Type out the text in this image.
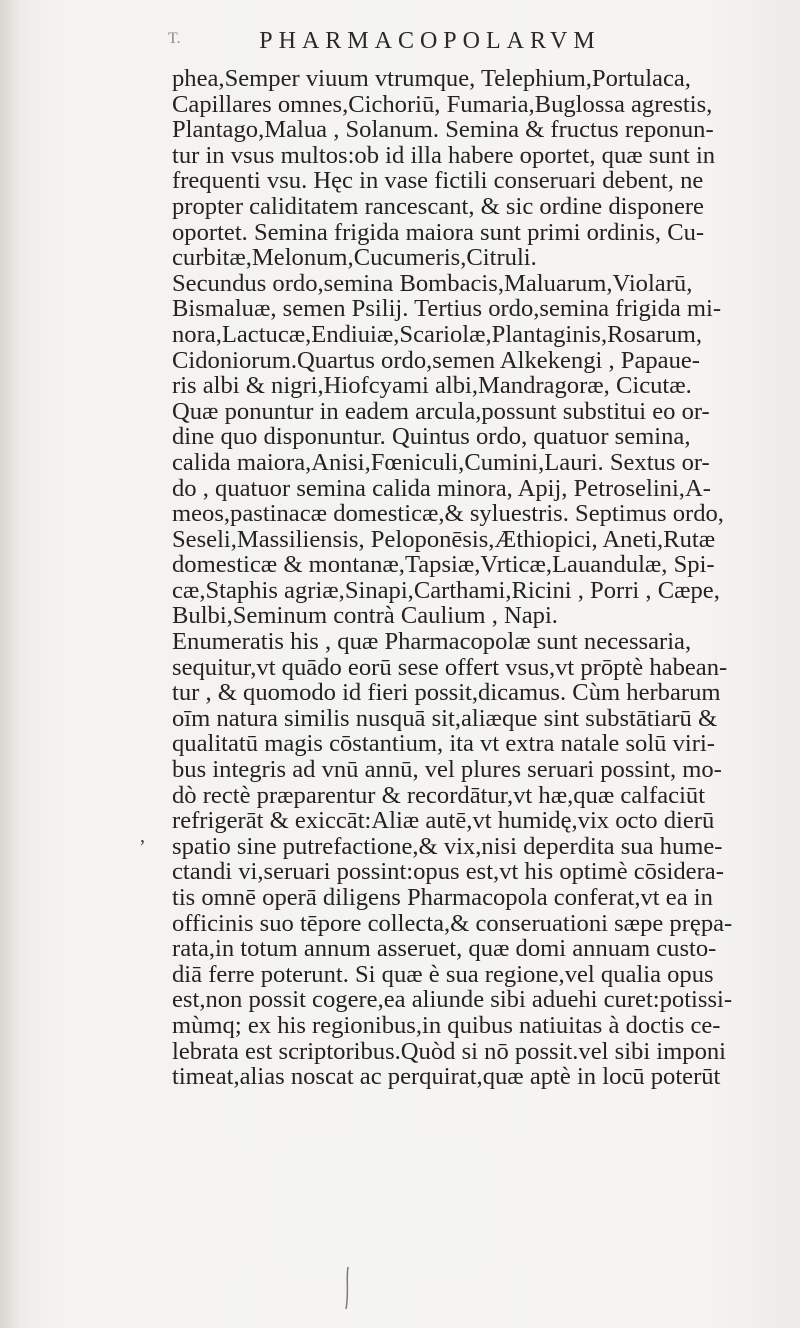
T.	PHARMACOPOLARVM
,
phea,Semper viuum vtrumque, Telephium,Portulaca,
Capillares omnes,Cichoriū, Fumaria,Buglossa agrestis,
Plantago,Malua , Solanum. Semina & fructus reponun-
tur in vsus multos:ob id illa habere oportet, quæ sunt in
frequenti vsu. Hęc in vase fictili conseruari debent, ne
propter caliditatem rancescant, & sic ordine disponere
oportet. Semina frigida maiora sunt primi ordinis, Cu-
curbitæ,Melonum,Cucumeris,Citruli.
Secundus ordo,semina Bombacis,Maluarum,Violarū,
Bismaluæ, semen Psilij. Tertius ordo,semina frigida mi-
nora,Lactucæ,Endiuiæ,Scariolæ,Plantaginis,Rosarum,
Cidoniorum.Quartus ordo,semen Alkekengi , Papaue-
ris albi & nigri,Hiofcyami albi,Mandragoræ, Cicutæ.
Quæ ponuntur in eadem arcula,possunt substitui eo or-
dine quo disponuntur. Quintus ordo, quatuor semina,
calida maiora,Anisi,Fœniculi,Cumini,Lauri. Sextus or-
do , quatuor semina calida minora, Apij, Petroselini,A-
meos,pastinacæ domesticæ,& syluestris. Septimus ordo,
Seseli,Massiliensis, Peloponēsis,Æthiopici, Aneti,Rutæ
domesticæ & montanæ,Tapsiæ,Vrticæ,Lauandulæ, Spi-
cæ,Staphis agriæ,Sinapi,Carthami,Ricini , Porri , Cæpe,
Bulbi,Seminum contrà Caulium , Napi.
Enumeratis his , quæ Pharmacopolæ sunt necessaria,
sequitur,vt quādo eorū sese offert vsus,vt prōptè habean-
tur , & quomodo id fieri possit,dicamus. Cùm herbarum
oīm natura similis nusquā sit,aliæque sint substātiarū &
qualitatū magis cōstantium, ita vt extra natale solū viri-
bus integris ad vnū annū, vel plures seruari possint, mo-
dò rectè præparentur & recordātur,vt hæ,quæ calfaciūt
refrigerāt & exiccāt:Aliæ autē,vt humidę,vix octo dierū
spatio sine putrefactione,& vix,nisi deperdita sua hume-
ctandi vi,seruari possint:opus est,vt his optimè cōsidera-
tis omnē operā diligens Pharmacopola conferat,vt ea in
officinis suo tēpore collecta,& conseruationi sæpe prępa-
rata,in totum annum asseruet, quæ domi annuam custo-
diā ferre poterunt. Si quæ è sua regione,vel qualia opus
est,non possit cogere,ea aliunde sibi aduehi curet:potissi-
mùmq; ex his regionibus,in quibus natiuitas à doctis ce-
lebrata est scriptoribus.Quòd si nō possit.vel sibi imponi
timeat,alias noscat ac perquirat,quæ aptè in locū poterūt
